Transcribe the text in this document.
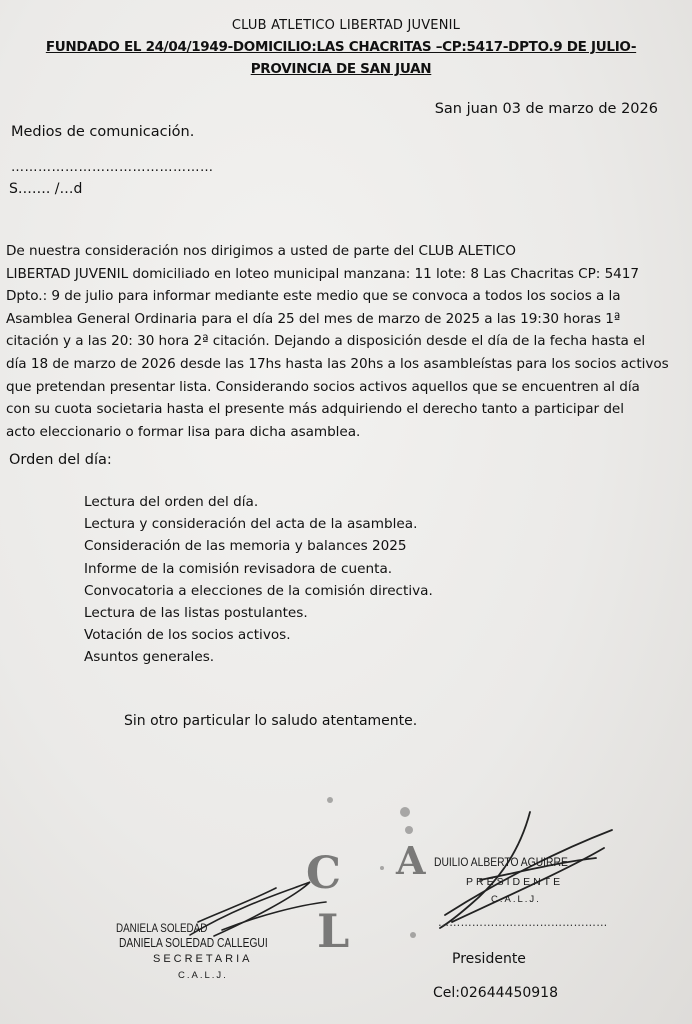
C A
L
CLUB ATLETICO LIBERTAD JUVENIL
FUNDADO EL 24/04/1949-DOMICILIO:LAS CHACRITAS –CP:5417-DPTO.9 DE JULIO-PROVINCIA DE SAN JUAN
San juan 03 de marzo de 2026
Medios de comunicación.
………………………………………
S……. /…d
De nuestra consideración nos dirigimos a usted de parte del CLUB ALETICO
LIBERTAD JUVENIL domiciliado en loteo municipal manzana: 11 lote: 8 Las Chacritas CP: 5417
Dpto.: 9 de julio para informar mediante este medio que se convoca a todos los socios a la
Asamblea General Ordinaria para el día 25 del mes de marzo de 2025 a las 19:30 horas 1ª
citación y a las 20: 30 hora 2ª citación. Dejando a disposición desde el día de la fecha hasta el
día 18 de marzo de 2026 desde las 17hs hasta las 20hs a los asambleístas para los socios activos
que pretendan presentar lista. Considerando socios activos aquellos que se encuentren al día
con su cuota societaria hasta el presente más adquiriendo el derecho tanto a participar del
acto eleccionario o formar lisa para dicha asamblea.
Orden del día:
Lectura del orden del día.
Lectura y consideración del acta de la asamblea.
Consideración de las memoria y balances 2025
Informe de la comisión revisadora de cuenta.
Convocatoria a elecciones de la comisión directiva.
Lectura de las listas postulantes.
Votación de los socios activos.
Asuntos generales.
Sin otro particular lo saludo atentamente.
DANIELA SOLEDAD
DANIELA SOLEDAD CALLEGUI
SECRETARIA
C.A.L.J.
DUILIO ALBERTO AGUIRRE
PRESIDENTE
C.A.L.J.
………………………………………
Presidente
Cel:02644450918
